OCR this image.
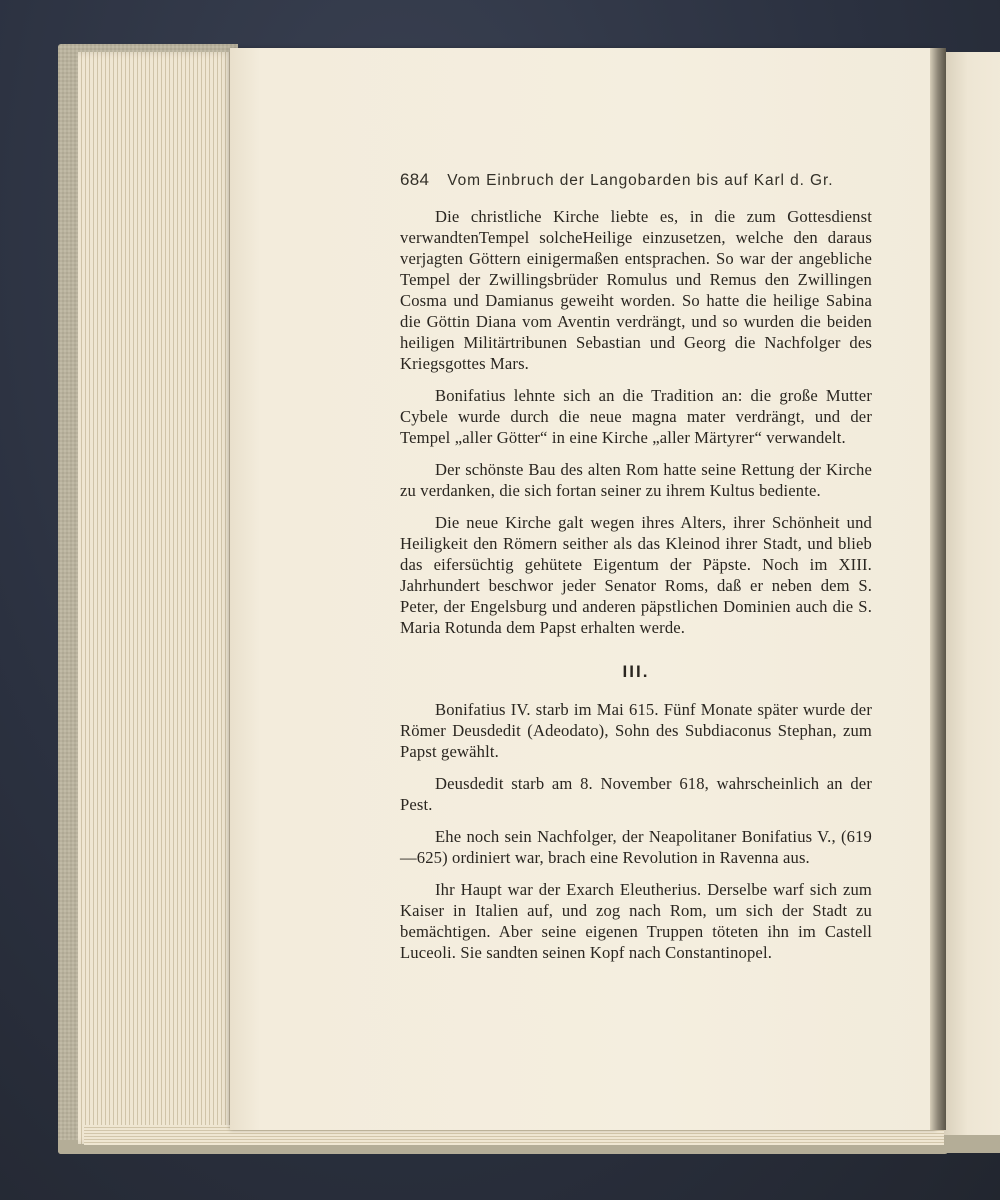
684 Vom Einbruch der Langobarden bis auf Karl d. Gr.

Die christliche Kirche liebte es, in die zum Gottesdienst verwandtenTempel solcheHeilige einzusetzen, welche den daraus verjagten Göttern einigermaßen entsprachen. So war der angebliche Tempel der Zwillingsbrüder Romulus und Remus den Zwillingen Cosma und Damianus geweiht worden. So hatte die heilige Sabina die Göttin Diana vom Aventin verdrängt, und so wurden die beiden heiligen Militärtribunen Sebastian und Georg die Nachfolger des Kriegsgottes Mars.

Bonifatius lehnte sich an die Tradition an: die große Mutter Cybele wurde durch die neue magna mater verdrängt, und der Tempel „aller Götter“ in eine Kirche „aller Märtyrer“ verwandelt.

Der schönste Bau des alten Rom hatte seine Rettung der Kirche zu verdanken, die sich fortan seiner zu ihrem Kultus bediente.

Die neue Kirche galt wegen ihres Alters, ihrer Schönheit und Heiligkeit den Römern seither als das Kleinod ihrer Stadt, und blieb das eifersüchtig gehütete Eigentum der Päpste. Noch im XIII. Jahrhundert beschwor jeder Senator Roms, daß er neben dem S. Peter, der Engelsburg und anderen päpstlichen Dominien auch die S. Maria Rotunda dem Papst erhalten werde.

III.

Bonifatius IV. starb im Mai 615. Fünf Monate später wurde der Römer Deusdedit (Adeodato), Sohn des Subdiaconus Stephan, zum Papst gewählt.

Deusdedit starb am 8. November 618, wahrscheinlich an der Pest.

Ehe noch sein Nachfolger, der Neapolitaner Bonifatius V., (619—625) ordiniert war, brach eine Revolution in Ravenna aus.

Ihr Haupt war der Exarch Eleutherius. Derselbe warf sich zum Kaiser in Italien auf, und zog nach Rom, um sich der Stadt zu bemächtigen. Aber seine eigenen Truppen töteten ihn im Castell Luceoli. Sie sandten seinen Kopf nach Constantinopel.
